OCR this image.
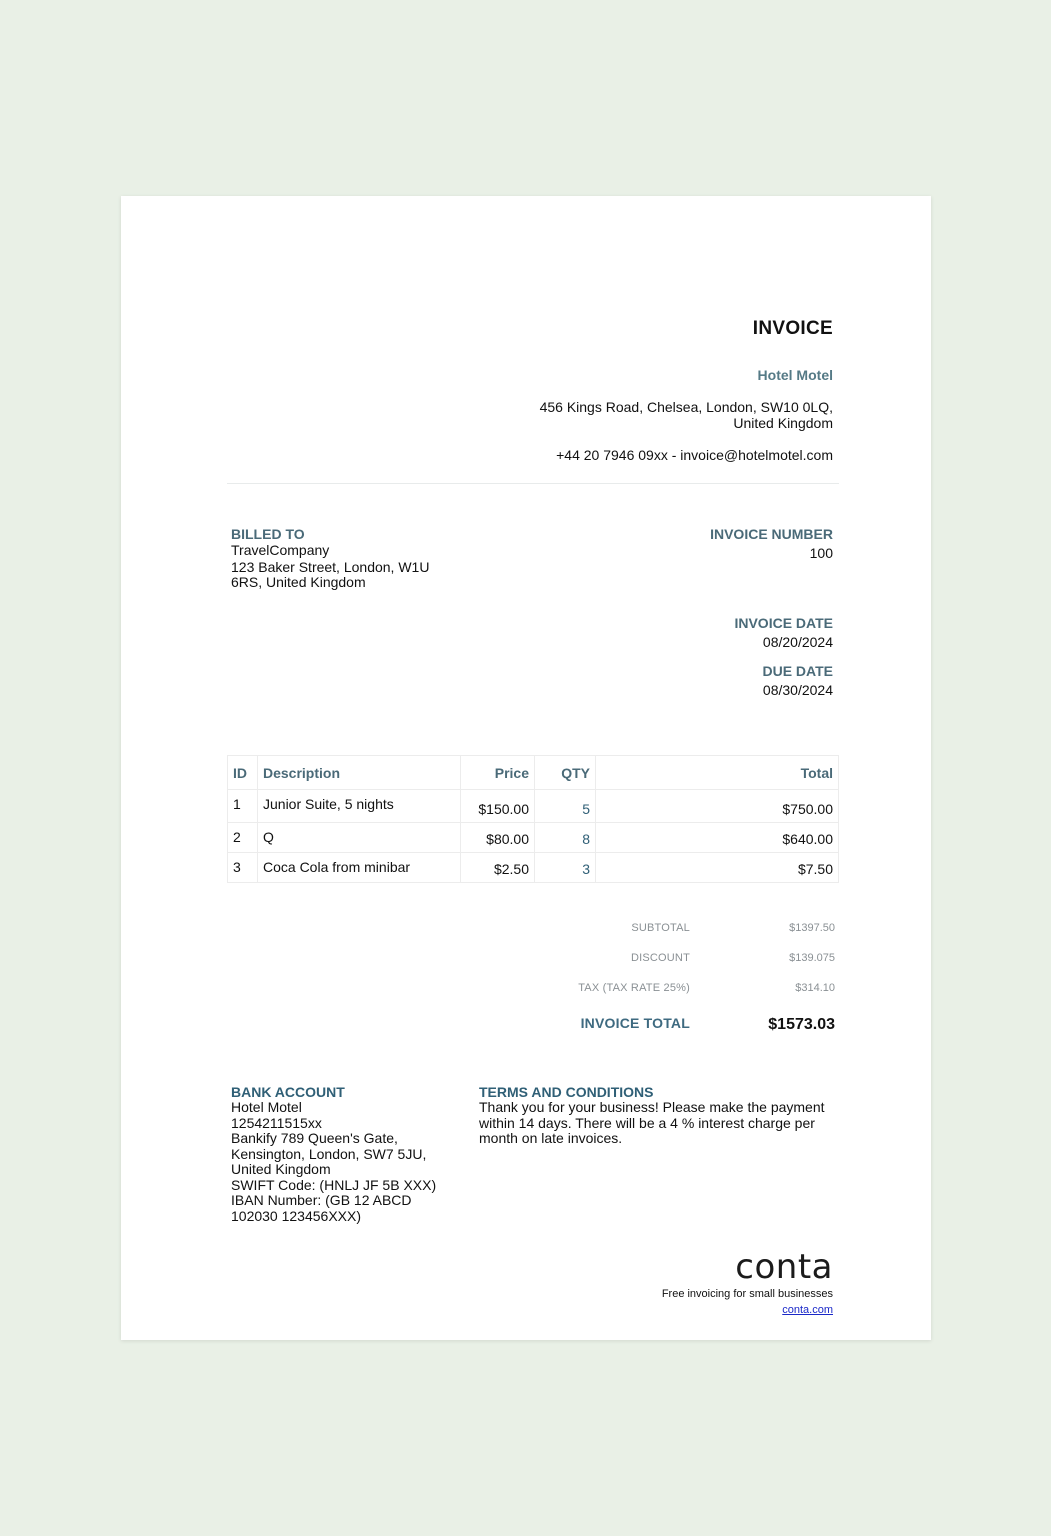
INVOICE
Hotel Motel
456 Kings Road, Chelsea, London, SW10 0LQ, United Kingdom
+44 20 7946 09xx - invoice@hotelmotel.com
BILLED TO
TravelCompany
123 Baker Street, London, W1U 6RS, United Kingdom
INVOICE NUMBER
100
INVOICE DATE
08/20/2024
DUE DATE
08/30/2024
ID	Description	Price	QTY	Total
1	Junior Suite, 5 nights	$150.00	5	$750.00
2	Q	$80.00	8	$640.00
3	Coca Cola from minibar	$2.50	3	$7.50
SUBTOTAL	$1397.50
DISCOUNT	$139.075
TAX (TAX RATE 25%)	$314.10
INVOICE TOTAL	$1573.03
BANK ACCOUNT
Hotel Motel
1254211515xx
Bankify 789 Queen's Gate, Kensington, London, SW7 5JU, United Kingdom
SWIFT Code: (HNLJ JF 5B XXX)
IBAN Number: (GB 12 ABCD 102030 123456XXX)
TERMS AND CONDITIONS
Thank you for your business! Please make the payment within 14 days. There will be a 4 % interest charge per month on late invoices.
conta
Free invoicing for small businesses
conta.com
